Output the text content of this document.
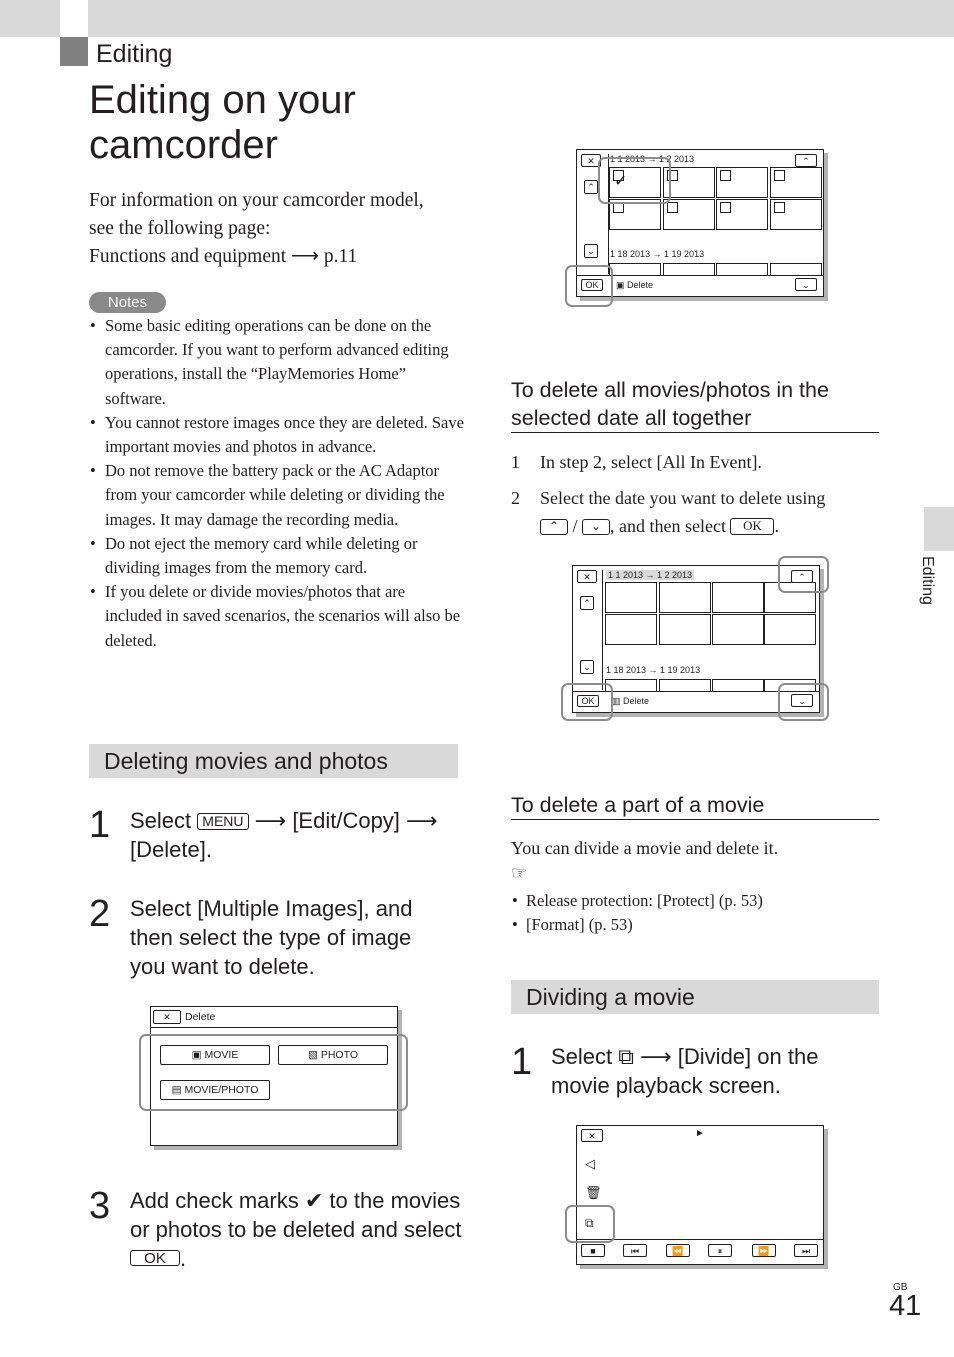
Editing
Editing on your camcorder
For information on your camcorder model,
see the following page:
Functions and equipment ⟶ p.11
Notes
• Some basic editing operations can be done on the camcorder. If you want to perform advanced editing operations, install the “PlayMemories Home” software.
• You cannot restore images once they are deleted. Save important movies and photos in advance.
• Do not remove the battery pack or the AC Adaptor from your camcorder while deleting or dividing the images. It may damage the recording media.
• Do not eject the memory card while deleting or dividing images from the memory card.
• If you delete or divide movies/photos that are included in saved scenarios, the scenarios will also be deleted.
Deleting movies and photos
1 Select MENU ⟶ [Edit/Copy] ⟶
[Delete].
2 Select [Multiple Images], and then select the type of image you want to delete.
✕	Delete
▣ MOVIE	▧ PHOTO
▤ MOVIE/PHOTO
3 Add check marks ✔ to the movies or photos to be deleted and select OK .
✕
⌃
⌄
1 1 2013 → 1 2 2013	⌃
✓
1 18 2013 → 1 19 2013
OK	▣ Delete	⌄
To delete all movies/photos in the selected date all together
1 In step 2, select [All In Event].
2 Select the date you want to delete using
⌃ / ⌄ , and then select OK .
✕
⌃
⌄
1 1 2013 → 1 2 2013	⌃
1 18 2013 → 1 19 2013
OK	▥ Delete	⌄
To delete a part of a movie
You can divide a movie and delete it.
☞
• Release protection: [Protect] (p. 53)
• [Format] (p. 53)
Dividing a movie
1 Select ⧉ ⟶ [Divide] on the movie playback screen.
✕	►
◁
🗑
⧉
■	⏮	⏪	⏸	⏩	⏭
Editing
GB
41
